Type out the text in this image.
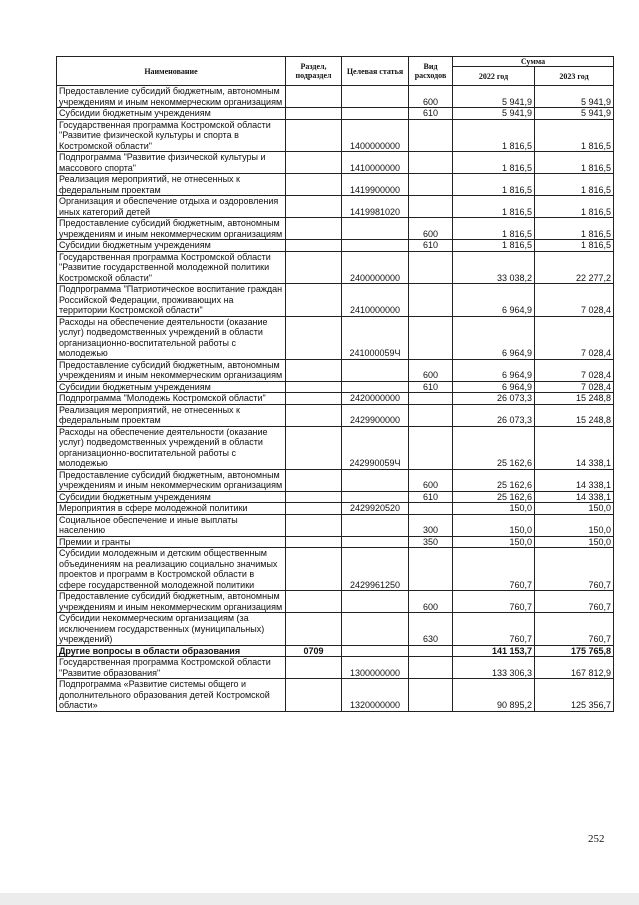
Наименование	Раздел, подраздел	Целевая статья	Вид расходов	Сумма	
				2022 год	2023 год
Предоставление субсидий бюджетным, автономным учреждениям и иным некоммерческим организациям			600	5 941,9	5 941,9
Субсидии бюджетным учреждениям			610	5 941,9	5 941,9
Государственная программа Костромской области "Развитие физической культуры и спорта в Костромской области"		1400000000		1 816,5	1 816,5
Подпрограмма "Развитие физической культуры и массового спорта"		1410000000		1 816,5	1 816,5
Реализация мероприятий, не отнесенных к федеральным проектам		1419900000		1 816,5	1 816,5
Организация и обеспечение отдыха и оздоровления иных категорий детей		1419981020		1 816,5	1 816,5
Предоставление субсидий бюджетным, автономным учреждениям и иным некоммерческим организациям			600	1 816,5	1 816,5
Субсидии бюджетным учреждениям			610	1 816,5	1 816,5
Государственная программа Костромской области "Развитие государственной молодежной политики Костромской области"		2400000000		33 038,2	22 277,2
Подпрограмма "Патриотическое воспитание граждан Российской Федерации, проживающих на территории Костромской области"		2410000000		6 964,9	7 028,4
Расходы на обеспечение деятельности (оказание услуг) подведомственных учреждений в области организационно-воспитательной работы с молодежью		241000059Ч		6 964,9	7 028,4
Предоставление субсидий бюджетным, автономным учреждениям и иным некоммерческим организациям			600	6 964,9	7 028,4
Субсидии бюджетным учреждениям			610	6 964,9	7 028,4
Подпрограмма "Молодежь Костромской области"		2420000000		26 073,3	15 248,8
Реализация мероприятий, не отнесенных к федеральным проектам		2429900000		26 073,3	15 248,8
Расходы на обеспечение деятельности (оказание услуг) подведомственных учреждений в области организационно-воспитательной работы с молодежью		242990059Ч		25 162,6	14 338,1
Предоставление субсидий бюджетным, автономным учреждениям и иным некоммерческим организациям			600	25 162,6	14 338,1
Субсидии бюджетным учреждениям			610	25 162,6	14 338,1
Мероприятия в сфере молодежной политики		2429920520		150,0	150,0
Социальное обеспечение и иные выплаты населению			300	150,0	150,0
Премии и гранты			350	150,0	150,0
Субсидии молодежным и детским общественным объединениям на реализацию социально значимых проектов и программ в Костромской области в сфере государственной молодежной политики		2429961250		760,7	760,7
Предоставление субсидий бюджетным, автономным учреждениям и иным некоммерческим организациям			600	760,7	760,7
Субсидии некоммерческим организациям (за исключением государственных (муниципальных) учреждений)			630	760,7	760,7
Другие вопросы в области образования	0709			141 153,7	175 765,8
Государственная программа Костромской области "Развитие образования"		1300000000		133 306,3	167 812,9
Подпрограмма «Развитие системы общего и дополнительного образования детей Костромской области»		1320000000		90 895,2	125 356,7
252
